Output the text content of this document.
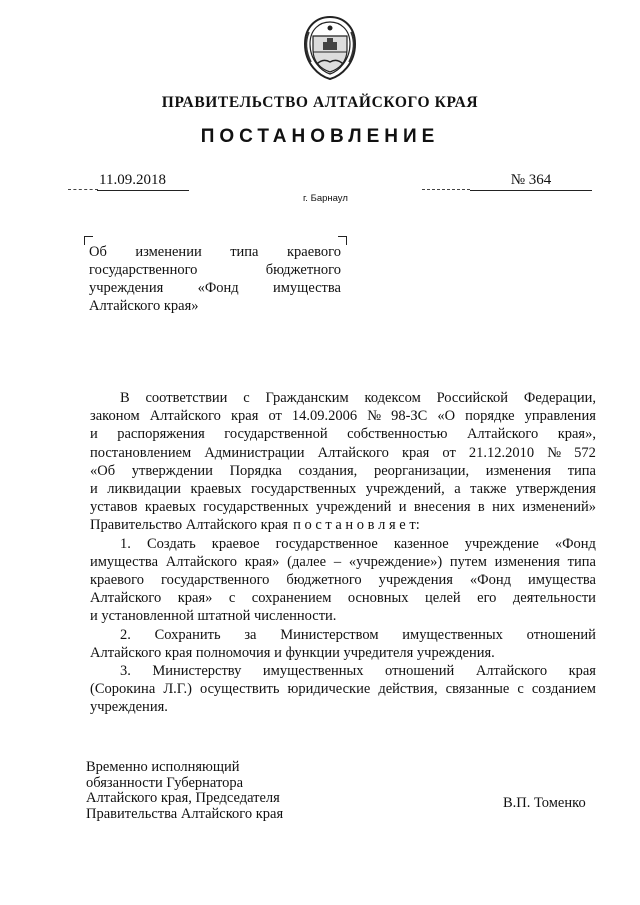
ПРАВИТЕЛЬСТВО АЛТАЙСКОГО КРАЯ
ПОСТАНОВЛЕНИЕ
11.09.2018	№ 364
г. Барнаул
Об изменении типа краевого
государственного	бюджетного
учреждения «Фонд имущества
Алтайского края»
В соответствии с Гражданским кодексом Российской Федерации,
законом Алтайского края от 14.09.2006 № 98-ЗС «О порядке управления
и распоряжения государственной собственностью Алтайского края»,
постановлением Администрации Алтайского края от 21.12.2010 № 572
«Об утверждении Порядка создания, реорганизации, изменения типа
и ликвидации краевых государственных учреждений, а также утверждения
уставов краевых государственных учреждений и внесения в них изменений»
Правительство Алтайского края п о с т а н о в л я е т:
1. Создать краевое государственное казенное учреждение «Фонд
имущества Алтайского края» (далее – «учреждение») путем изменения типа
краевого государственного бюджетного учреждения «Фонд имущества
Алтайского края» с сохранением основных целей его деятельности
и установленной штатной численности.
2. Сохранить за Министерством имущественных отношений
Алтайского края полномочия и функции учредителя учреждения.
3. Министерству имущественных отношений Алтайского края
(Сорокина Л.Г.) осуществить юридические действия, связанные с созданием
учреждения.
Временно исполняющий
обязанности Губернатора
Алтайского края, Председателя
Правительства Алтайского края
В.П. Томенко
